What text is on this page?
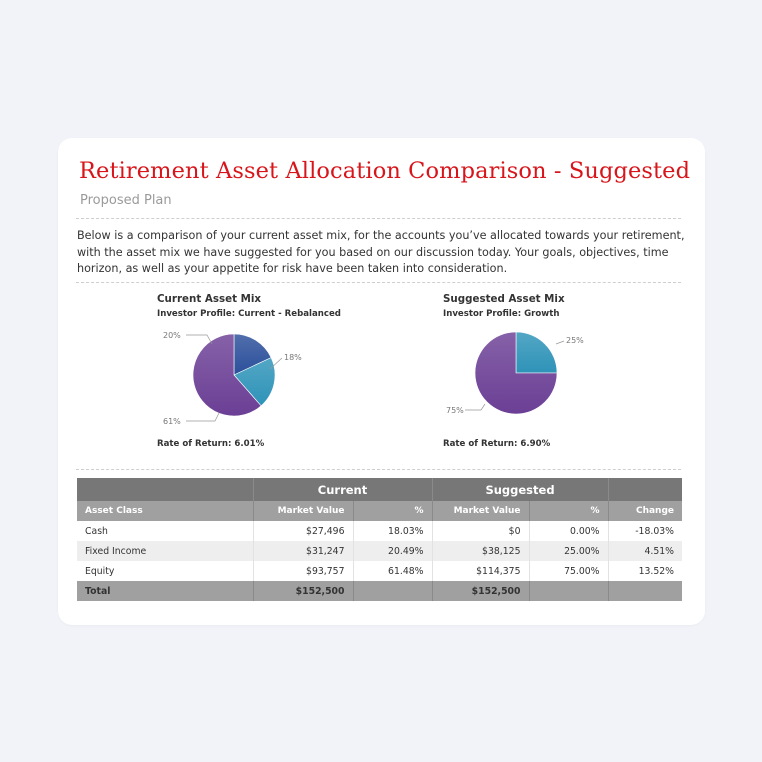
Retirement Asset Allocation Comparison - Suggested
Proposed Plan

Below is a comparison of your current asset mix, for the accounts you’ve allocated towards your retirement, with the asset mix we have suggested for you based on our discussion today. Your goals, objectives, time horizon, as well as your appetite for risk have been taken into consideration.

Current Asset Mix
Investor Profile: Current - Rebalanced
20%
18%
61%
Rate of Return: 6.01%
Suggested Asset Mix
Investor Profile: Growth
25%
75%
Rate of Return: 6.90%
	Current		Suggested		
Asset Class	Market Value	%	Market Value	%	Change
Cash	$27,496	18.03%	$0	0.00%	-18.03%
Fixed Income	$31,247	20.49%	$38,125	25.00%	4.51%
Equity	$93,757	61.48%	$114,375	75.00%	13.52%
Total	$152,500		$152,500		
